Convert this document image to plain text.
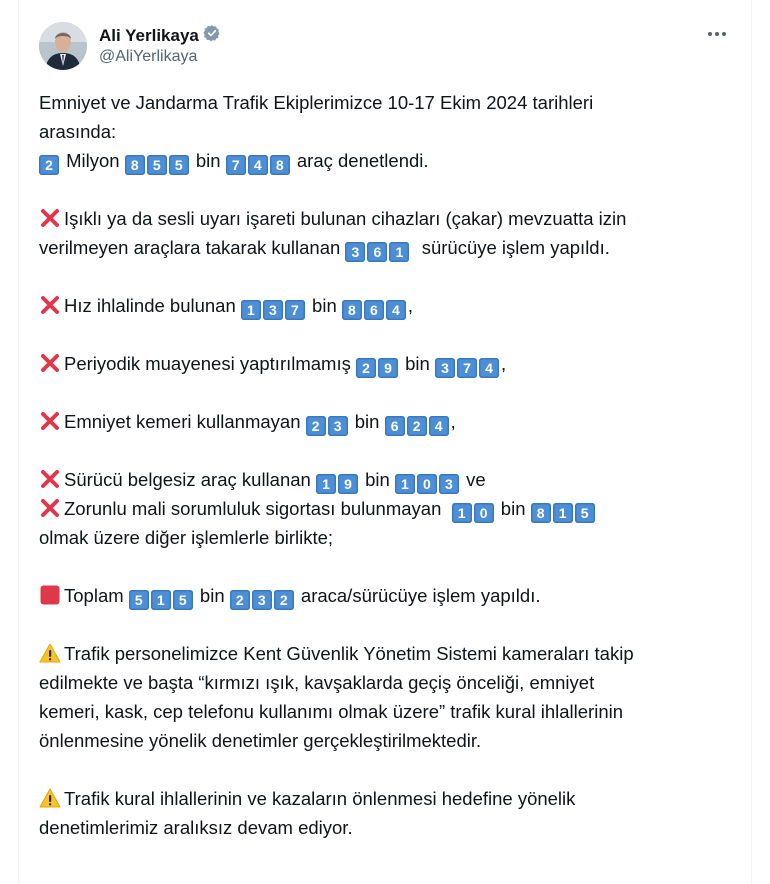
Ali Yerlikaya
@AliYerlikaya
Emniyet ve Jandarma Trafik Ekiplerimizce 10-17 Ekim 2024 tarihleri
arasında:
2 Milyon 8 5 5 bin 7 4 8 araç denetlendi.
Işıklı ya da sesli uyarı işareti bulunan cihazları (çakar) mevzuatta izin
verilmeyen araçlara takarak kullanan 3 6 1 sürücüye işlem yapıldı.
Hız ihlalinde bulunan 1 3 7 bin 8 6 4 ,
Periyodik muayenesi yaptırılmamış 2 9 bin 3 7 4 ,
Emniyet kemeri kullanmayan 2 3 bin 6 2 4 ,
Sürücü belgesiz araç kullanan 1 9 bin 1 0 3 ve
Zorunlu mali sorumluluk sigortası bulunmayan 1 0 bin 8 1 5
olmak üzere diğer işlemlerle birlikte;
Toplam 5 1 5 bin 2 3 2 araca/sürücüye işlem yapıldı.
Trafik personelimizce Kent Güvenlik Yönetim Sistemi kameraları takip
edilmekte ve başta “kırmızı ışık, kavşaklarda geçiş önceliği, emniyet
kemeri, kask, cep telefonu kullanımı olmak üzere” trafik kural ihlallerinin
önlenmesine yönelik denetimler gerçekleştirilmektedir.
Trafik kural ihlallerinin ve kazaların önlenmesi hedefine yönelik
denetimlerimiz aralıksız devam ediyor.
